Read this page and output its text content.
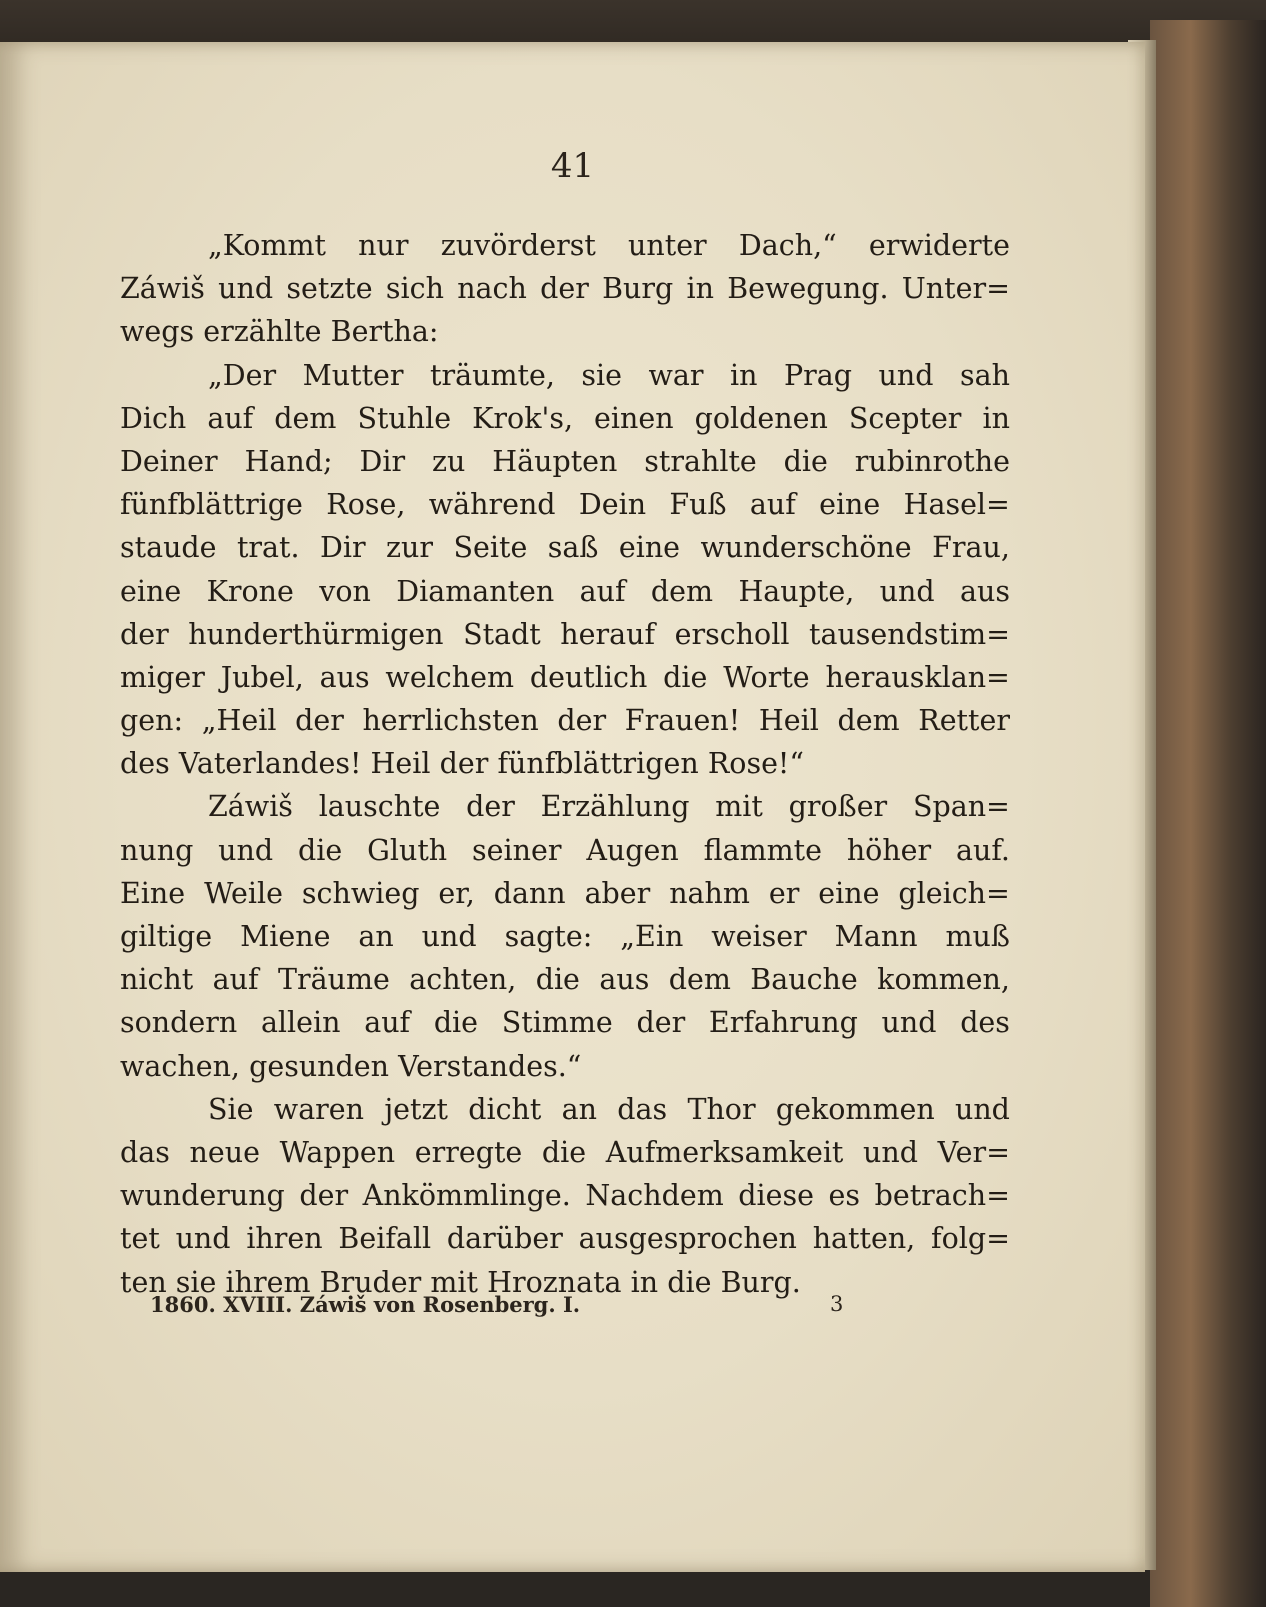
41
„Kommt nur zuvörderst unter Dach,“ erwiderte
Záwiš und setzte sich nach der Burg in Bewegung. Unter=
wegs erzählte Bertha:
„Der Mutter träumte, sie war in Prag und sah
Dich auf dem Stuhle Krok's, einen goldenen Scepter in
Deiner Hand; Dir zu Häupten strahlte die rubinrothe
fünfblättrige Rose, während Dein Fuß auf eine Hasel=
staude trat. Dir zur Seite saß eine wunderschöne Frau,
eine Krone von Diamanten auf dem Haupte, und aus
der hunderthürmigen Stadt herauf erscholl tausendstim=
miger Jubel, aus welchem deutlich die Worte herausklan=
gen: „Heil der herrlichsten der Frauen! Heil dem Retter
des Vaterlandes! Heil der fünfblättrigen Rose!“
Záwiš lauschte der Erzählung mit großer Span=
nung und die Gluth seiner Augen flammte höher auf.
Eine Weile schwieg er, dann aber nahm er eine gleich=
giltige Miene an und sagte: „Ein weiser Mann muß
nicht auf Träume achten, die aus dem Bauche kommen,
sondern allein auf die Stimme der Erfahrung und des
wachen, gesunden Verstandes.“
Sie waren jetzt dicht an das Thor gekommen und
das neue Wappen erregte die Aufmerksamkeit und Ver=
wunderung der Ankömmlinge. Nachdem diese es betrach=
tet und ihren Beifall darüber ausgesprochen hatten, folg=
ten sie ihrem Bruder mit Hroznata in die Burg.
1860. XVIII. Záwiš von Rosenberg. I.	3
